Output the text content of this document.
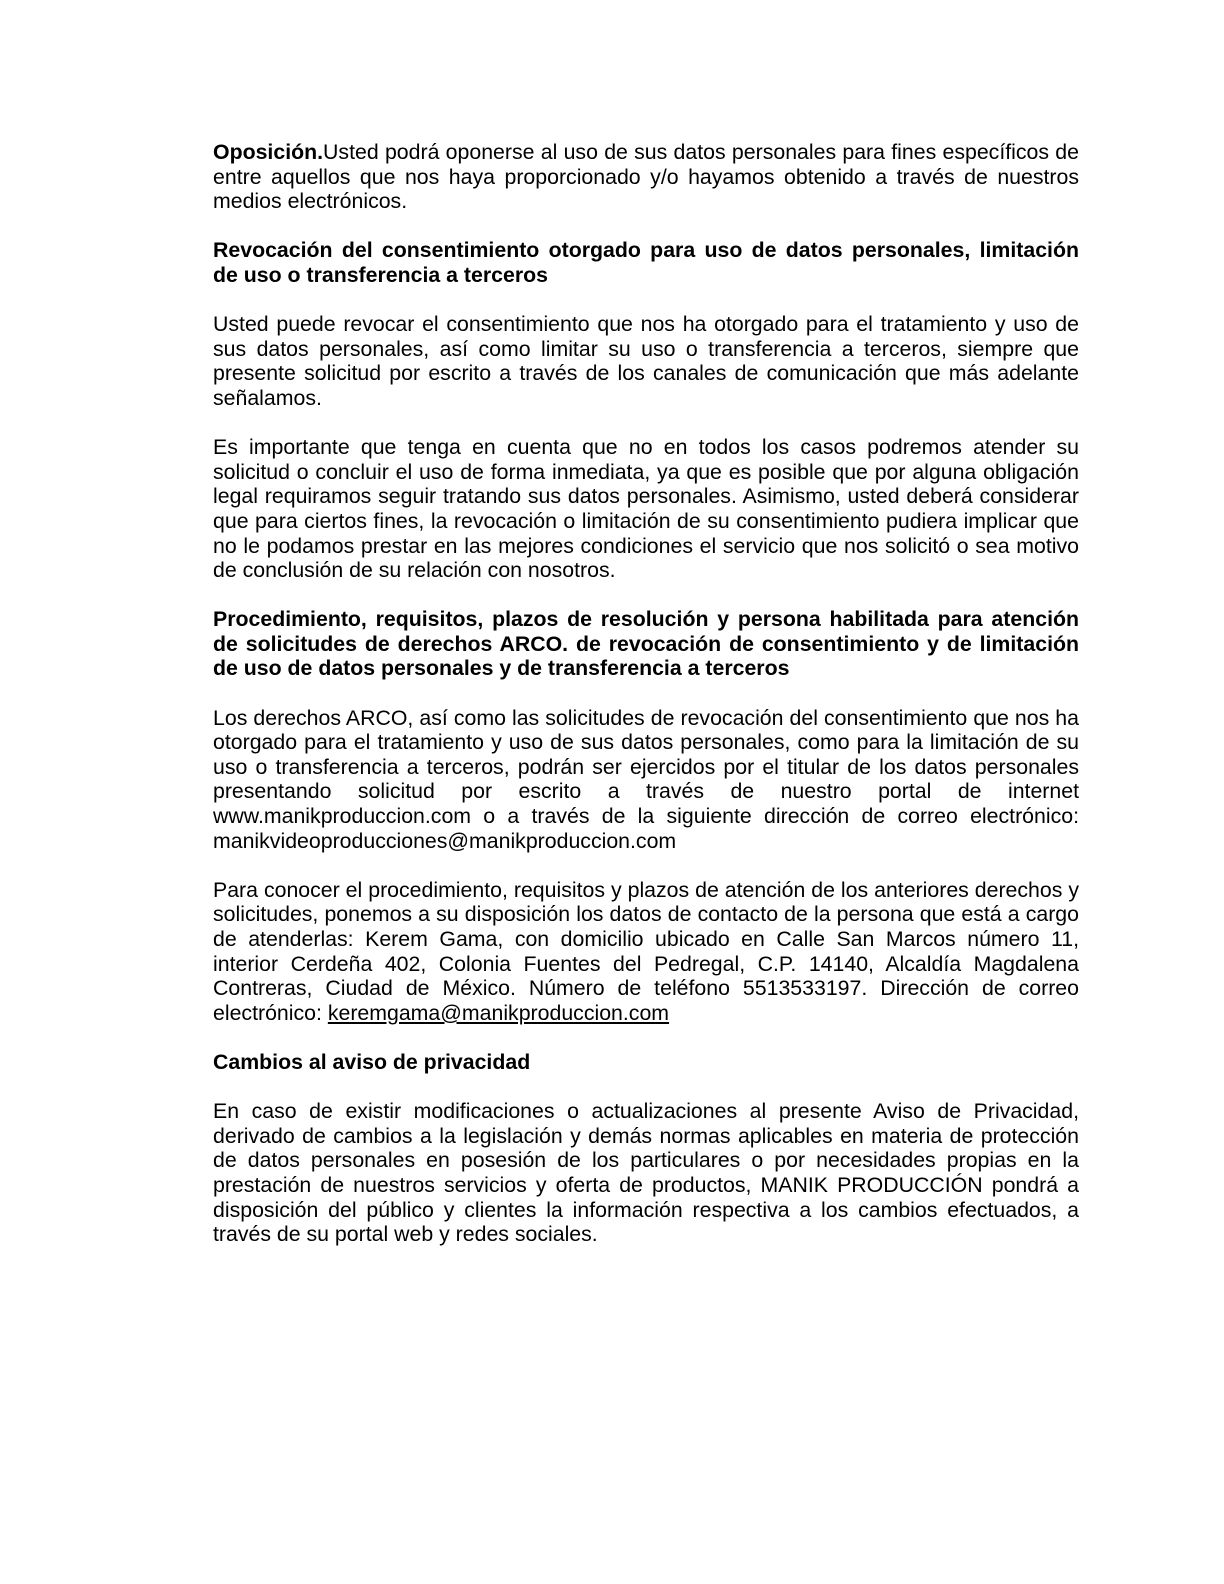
Oposición.Usted podrá oponerse al uso de sus datos personales para fines específicos de entre aquellos que nos haya proporcionado y/o hayamos obtenido a través de nuestros medios electrónicos.

Revocación del consentimiento otorgado para uso de datos personales, limitación de uso o transferencia a terceros

Usted puede revocar el consentimiento que nos ha otorgado para el tratamiento y uso de sus datos personales, así como limitar su uso o transferencia a terceros, siempre que presente solicitud por escrito a través de los canales de comunicación que más adelante señalamos.

Es importante que tenga en cuenta que no en todos los casos podremos atender su solicitud o concluir el uso de forma inmediata, ya que es posible que por alguna obligación legal requiramos seguir tratando sus datos personales. Asimismo, usted deberá considerar que para ciertos fines, la revocación o limitación de su consentimiento pudiera implicar que no le podamos prestar en las mejores condiciones el servicio que nos solicitó o sea motivo de conclusión de su relación con nosotros.

Procedimiento, requisitos, plazos de resolución y persona habilitada para atención de solicitudes de derechos ARCO. de revocación de consentimiento y de limitación de uso de datos personales y de transferencia a terceros

Los derechos ARCO, así como las solicitudes de revocación del consentimiento que nos ha otorgado para el tratamiento y uso de sus datos personales, como para la limitación de su uso o transferencia a terceros, podrán ser ejercidos por el titular de los datos personales presentando solicitud por escrito a través de nuestro portal de internet www.manikproduccion.com o a través de la siguiente dirección de correo electrónico: manikvideoproducciones@manikproduccion.com

Para conocer el procedimiento, requisitos y plazos de atención de los anteriores derechos y solicitudes, ponemos a su disposición los datos de contacto de la persona que está a cargo de atenderlas: Kerem Gama, con domicilio ubicado en Calle San Marcos número 11, interior Cerdeña 402, Colonia Fuentes del Pedregal, C.P. 14140, Alcaldía Magdalena Contreras, Ciudad de México. Número de teléfono 5513533197. Dirección de correo electrónico: keremgama@manikproduccion.com

Cambios al aviso de privacidad

En caso de existir modificaciones o actualizaciones al presente Aviso de Privacidad, derivado de cambios a la legislación y demás normas aplicables en materia de protección de datos personales en posesión de los particulares o por necesidades propias en la prestación de nuestros servicios y oferta de productos, MANIK PRODUCCIÓN pondrá a disposición del público y clientes la información respectiva a los cambios efectuados, a través de su portal web y redes sociales.
